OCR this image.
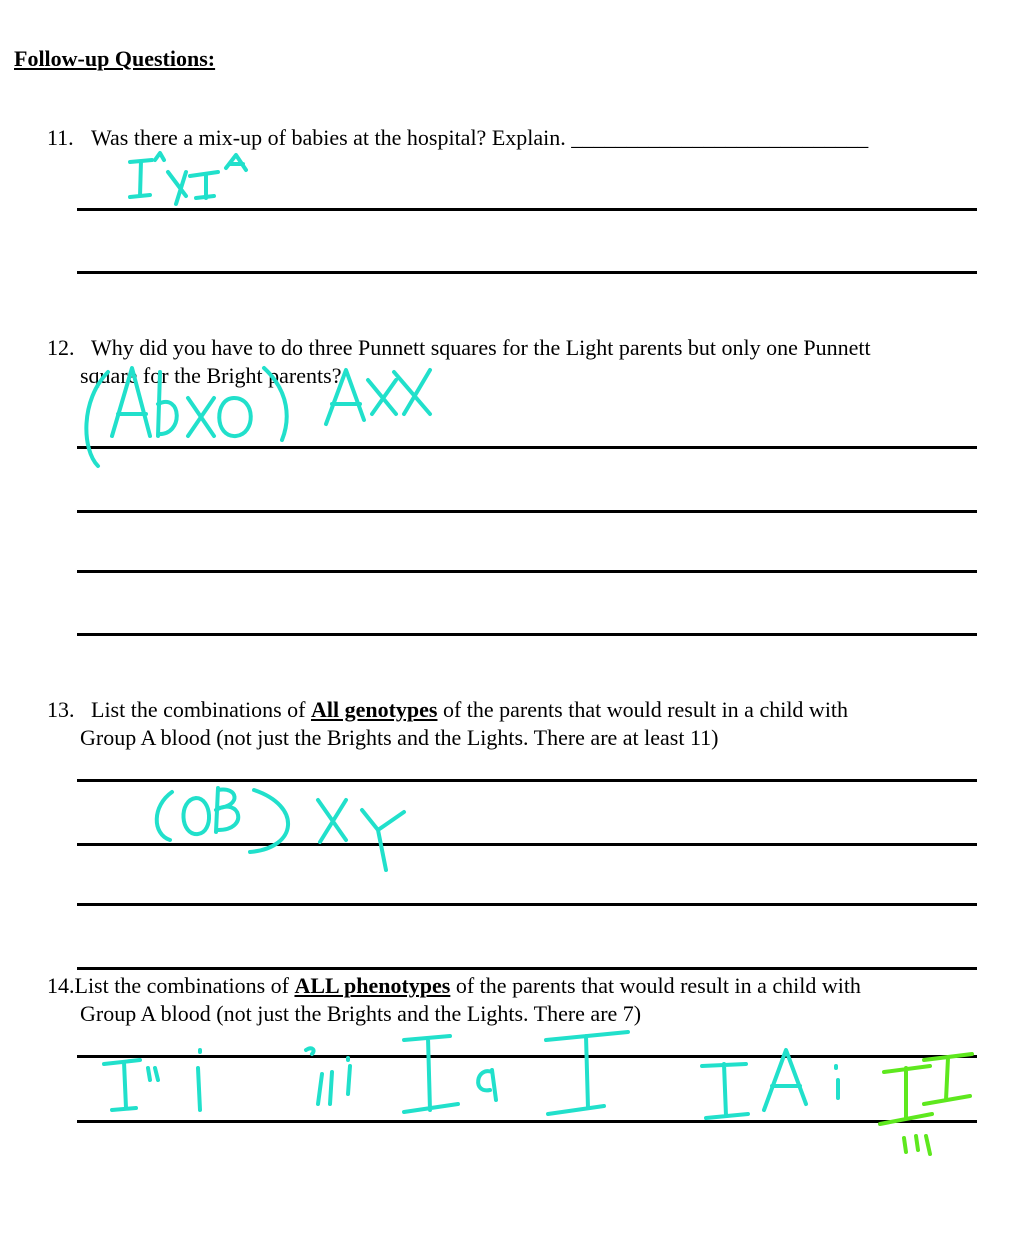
Follow-up Questions:
11. Was there a mix-up of babies at the hospital? Explain. ___________________________
12. Why did you have to do three Punnett squares for the Light parents but only one Punnett

square for the Bright parents?
13. List the combinations of All genotypes of the parents that would result in a child with

Group A blood (not just the Brights and the Lights. There are at least 11)
14.List the combinations of ALL phenotypes of the parents that would result in a child with

Group A blood (not just the Brights and the Lights. There are 7)
